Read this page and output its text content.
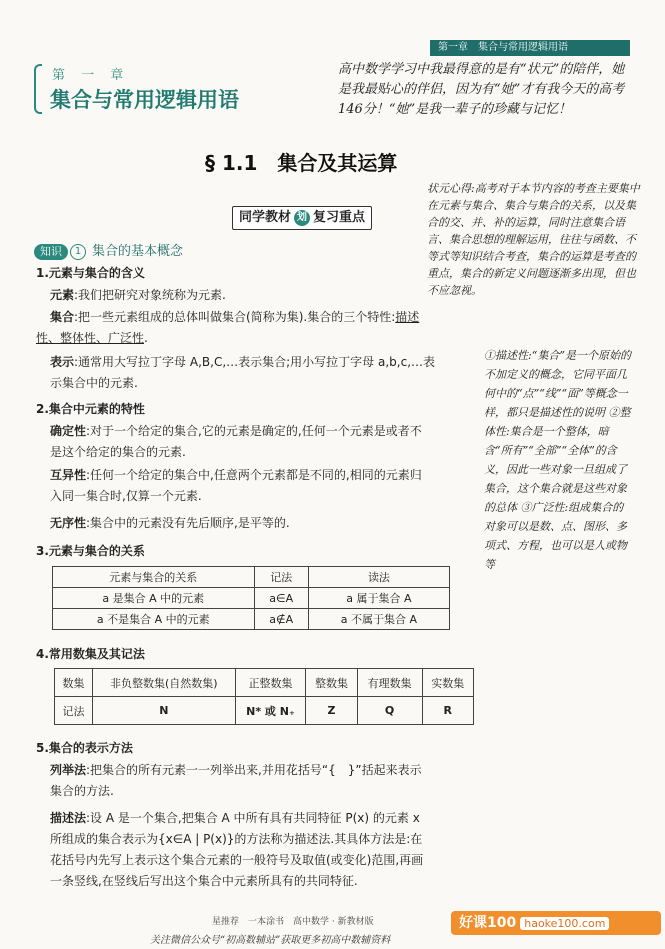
第一章　集合与常用逻辑用语
第 一 章
集合与常用逻辑用语
高中数学学习中我最得意的是有“状元”的陪伴，她是我最贴心的伴侣，因为有“她”才有我今天的高考146分！“她”是我一辈子的珍藏与记忆！
状元心得:高考对于本节内容的考查主要集中在元素与集合、集合与集合的关系，以及集合的交、并、补的运算，同时注意集合语言、集合思想的理解运用，往往与函数、不等式等知识结合考查，集合的运算是考查的重点，集合的新定义问题逐渐多出现，但也不应忽视。
①描述性:“集合”是一个原始的不加定义的概念，它同平面几何中的“点”“线”“面”等概念一样，都只是描述性的说明 ②整体性:集合是一个整体，暗含“所有”“全部”“全体”的含义，因此一些对象一旦组成了集合，这个集合就是这些对象的总体 ③广泛性:组成集合的对象可以是数、点、图形、多项式、方程，也可以是人或物等
§ 1.1　集合及其运算
同学教材 划 复习重点
知识 1 集合的基本概念
1.元素与集合的含义
元素:我们把研究对象统称为元素.
集合:把一些元素组成的总体叫做集合(简称为集).集合的三个特性:描述
性、整体性、广泛性.
表示:通常用大写拉丁字母 A,B,C,…表示集合;用小写拉丁字母 a,b,c,…表
示集合中的元素.
2.集合中元素的特性
确定性:对于一个给定的集合,它的元素是确定的,任何一个元素是或者不
是这个给定的集合的元素.
互异性:任何一个给定的集合中,任意两个元素都是不同的,相同的元素归
入同一集合时,仅算一个元素.
无序性:集合中的元素没有先后顺序,是平等的.
3.元素与集合的关系
元素与集合的关系	记法	读法
a 是集合 A 中的元素	a∈A	a 属于集合 A
a 不是集合 A 中的元素	a∉A	a 不属于集合 A
4.常用数集及其记法
数集	非负整数集(自然数集)	正整数集	整数集	有理数集	实数集
记法	N	N* 或 N₊	Z	Q	R
5.集合的表示方法
列举法:把集合的所有元素一一列举出来,并用花括号“{　}”括起来表示
集合的方法.
描述法:设 A 是一个集合,把集合 A 中所有具有共同特征 P(x) 的元素 x
所组成的集合表示为{x∈A | P(x)}的方法称为描述法.其具体方法是:在
花括号内先写上表示这个集合元素的一般符号及取值(或变化)范围,再画
一条竖线,在竖线后写出这个集合中元素所具有的共同特征.
星推荐　一本涂书　高中数学 · 新教材版
关注微信公众号“初高数辅站”获取更多初高中数辅资料
好课100 haoke100.com
